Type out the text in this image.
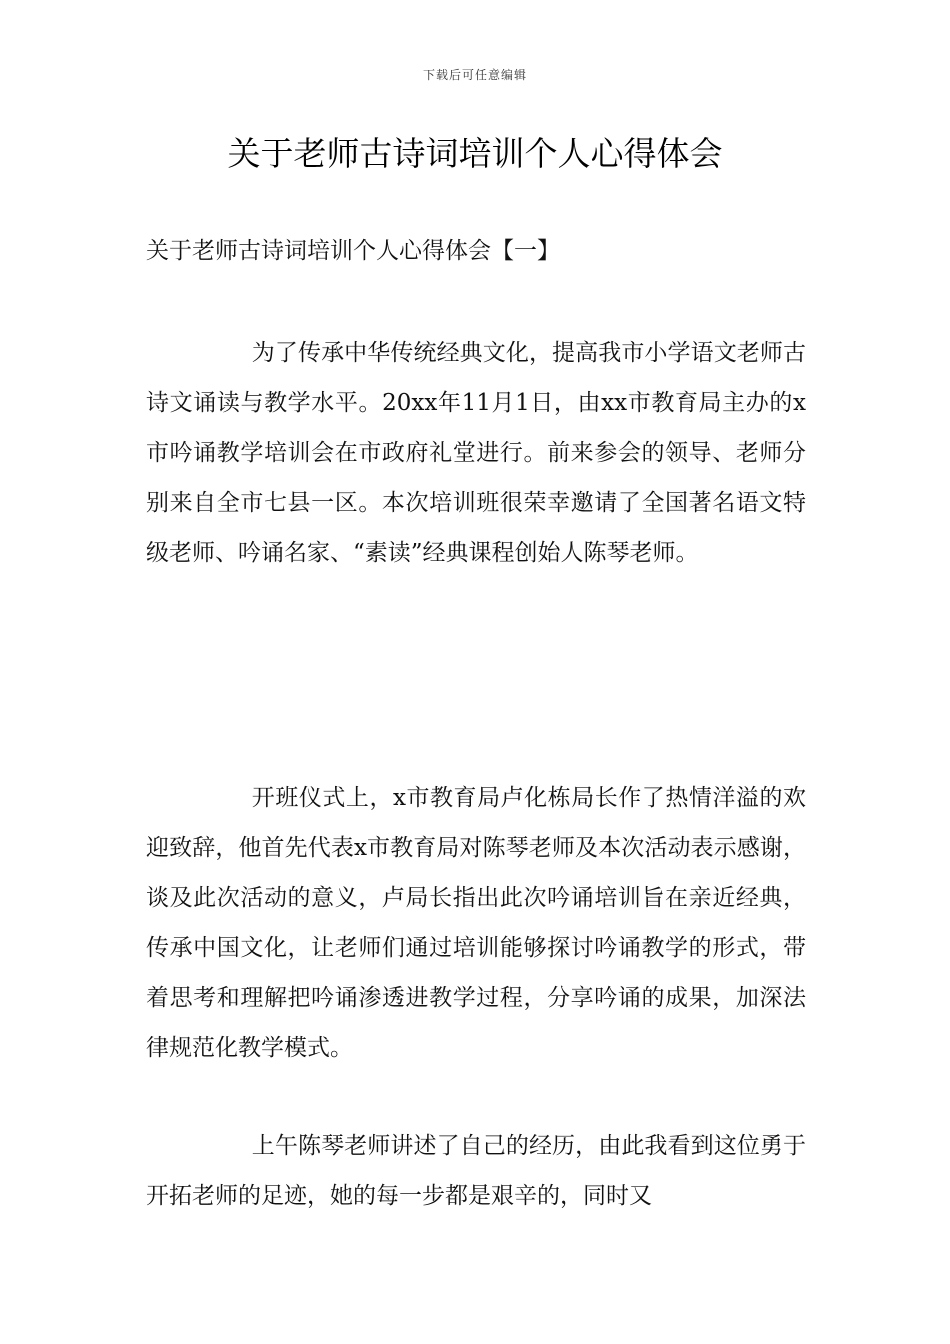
下载后可任意编辑
关于老师古诗词培训个人心得体会
关于老师古诗词培训个人心得体会【一】

为了传承中华传统经典文化，提高我市小学语文老师古诗文诵读与教学水平。20xx年11月1日，由xx市教育局主办的x市吟诵教学培训会在市政府礼堂进行。前来参会的领导、老师分别来自全市七县一区。本次培训班很荣幸邀请了全国著名语文特级老师、吟诵名家、“素读”经典课程创始人陈琴老师。

开班仪式上，x市教育局卢化栋局长作了热情洋溢的欢迎致辞，他首先代表x市教育局对陈琴老师及本次活动表示感谢，谈及此次活动的意义，卢局长指出此次吟诵培训旨在亲近经典，传承中国文化，让老师们通过培训能够探讨吟诵教学的形式，带着思考和理解把吟诵渗透进教学过程，分享吟诵的成果，加深法律规范化教学模式。

上午陈琴老师讲述了自己的经历，由此我看到这位勇于开拓老师的足迹，她的每一步都是艰辛的，同时又
